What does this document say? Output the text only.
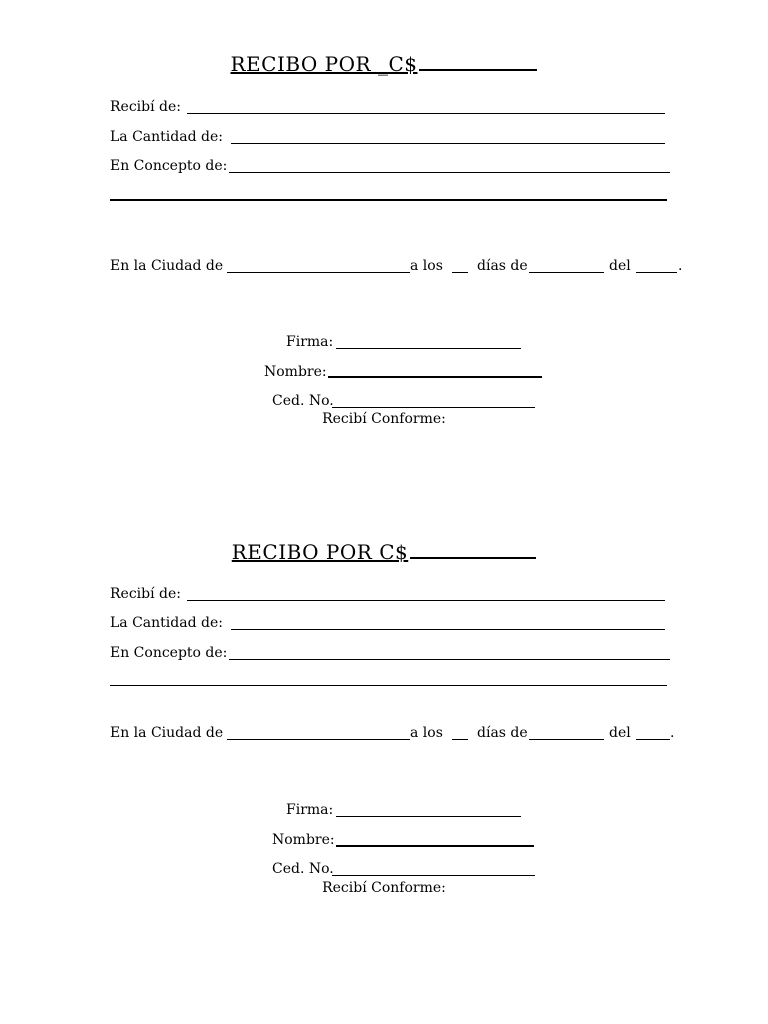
RECIBO POR _C$
Recibí de:
La Cantidad de:
En Concepto de:
En la Ciudad de	a los días de	del	.
Firma:
Nombre:
Ced. No.
Recibí Conforme:
RECIBO POR C$
Recibí de:
La Cantidad de:
En Concepto de:
En la Ciudad de	a los días de	del	.
Firma:
Nombre:
Ced. No.
Recibí Conforme:
